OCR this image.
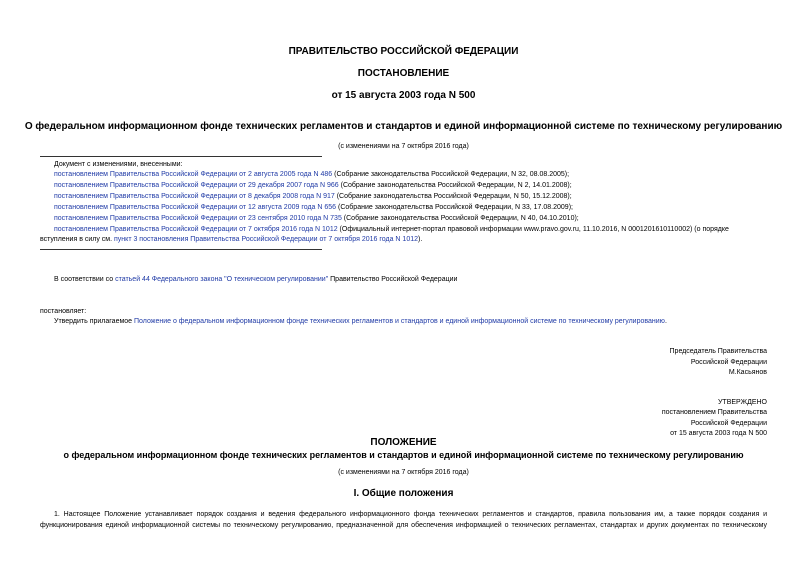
ПРАВИТЕЛЬСТВО РОССИЙСКОЙ ФЕДЕРАЦИИ
ПОСТАНОВЛЕНИЕ
от 15 августа 2003 года N 500
О федеральном информационном фонде технических регламентов и стандартов и единой информационной системе по техническому регулированию
(с изменениями на 7 октября 2016 года)
Документ с изменениями, внесенными:
постановлением Правительства Российской Федерации от 2 августа 2005 года N 486 (Собрание законодательства Российской Федерации, N 32, 08.08.2005);
постановлением Правительства Российской Федерации от 29 декабря 2007 года N 966 (Собрание законодательства Российской Федерации, N 2, 14.01.2008);
постановлением Правительства Российской Федерации от 8 декабря 2008 года N 917 (Собрание законодательства Российской Федерации, N 50, 15.12.2008);
постановлением Правительства Российской Федерации от 12 августа 2009 года N 656 (Собрание законодательства Российской Федерации, N 33, 17.08.2009);
постановлением Правительства Российской Федерации от 23 сентября 2010 года N 735 (Собрание законодательства Российской Федерации, N 40, 04.10.2010);
постановлением Правительства Российской Федерации от 7 октября 2016 года N 1012 (Официальный интернет-портал правовой информации www.pravo.gov.ru, 11.10.2016, N 0001201610110002) (о порядке
вступления в силу см. пункт 3 постановления Правительства Российской Федерации от 7 октября 2016 года N 1012).
В соответствии со статьей 44 Федерального закона "О техническом регулировании" Правительство Российской Федерации
постановляет:
Утвердить прилагаемое Положение о федеральном информационном фонде технических регламентов и стандартов и единой информационной системе по техническому регулированию.
Председатель Правительства
Российской Федерации
М.Касьянов
УТВЕРЖДЕНО
постановлением Правительства
Российской Федерации
от 15 августа 2003 года N 500
ПОЛОЖЕНИЕ
о федеральном информационном фонде технических регламентов и стандартов и единой информационной системе по техническому регулированию
(с изменениями на 7 октября 2016 года)
I. Общие положения
1. Настоящее Положение устанавливает порядок создания и ведения федерального информационного фонда технических регламентов и стандартов, правила пользования им, а также порядок создания и
функционирования единой информационной системы по техническому регулированию, предназначенной для обеспечения информацией о технических регламентах, стандартах и других документах по техническому
